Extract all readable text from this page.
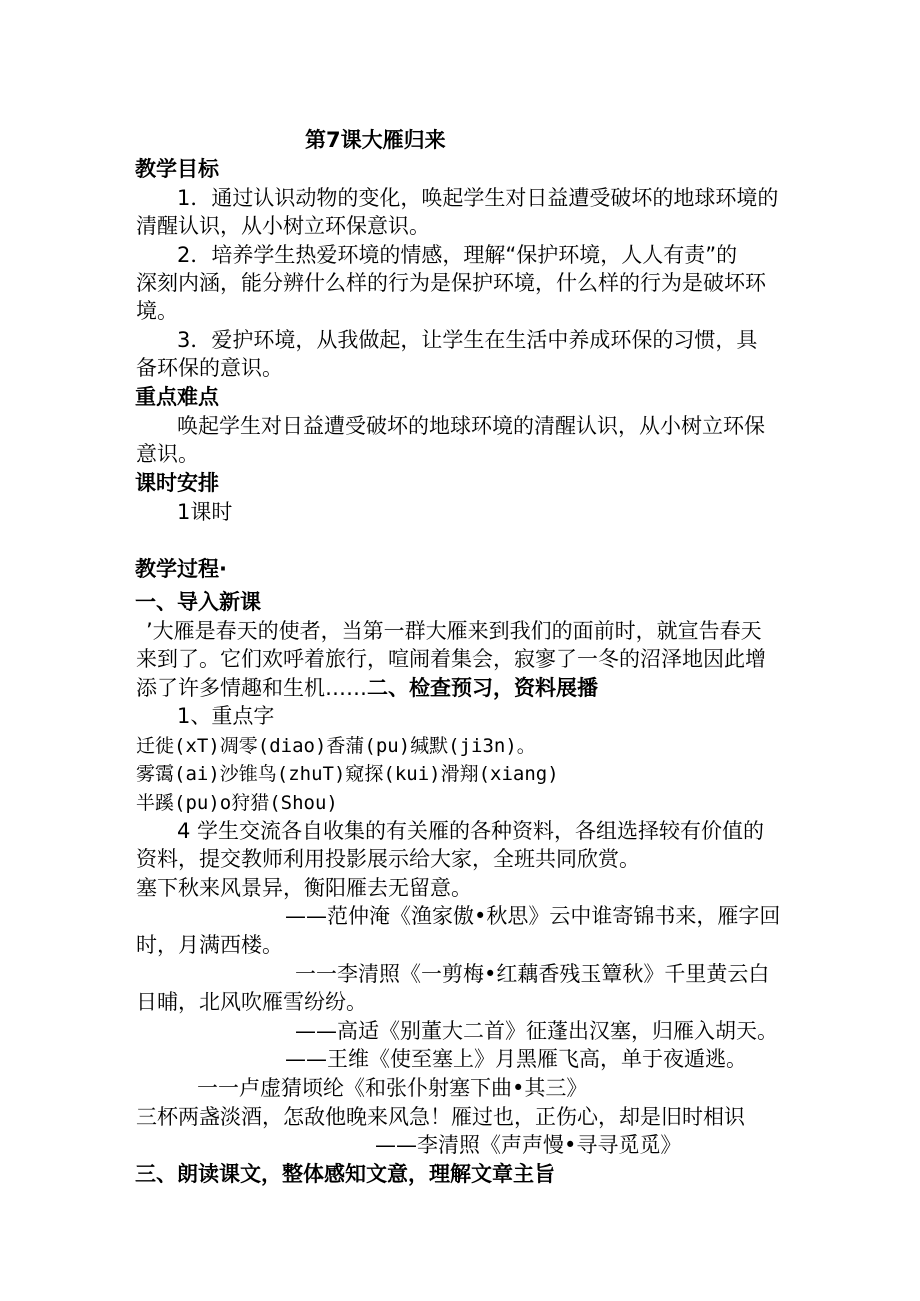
第7课大雁归来
教学目标
1．通过认识动物的变化，唤起学生对日益遭受破坏的地球环境的
清醒认识，从小树立环保意识。
2．培养学生热爱环境的情感，理解“保护环境，人人有责”的
深刻内涵，能分辨什么样的行为是保护环境，什么样的行为是破坏环
境。
3．爱护环境，从我做起，让学生在生活中养成环保的习惯，具
备环保的意识。
重点难点
唤起学生对日益遭受破坏的地球环境的清醒认识，从小树立环保
意识。
课时安排
1课时
教学过程·
一、导入新课
’大雁是春天的使者，当第一群大雁来到我们的面前时，就宣告春天
来到了。它们欢呼着旅行，喧闹着集会，寂寥了一冬的沼泽地因此增
添了许多情趣和生机……二、检查预习，资料展播
1、重点字
迁徙(xT)凋零(diao)香蒲(pu)缄默(ji3n)。
雾霭(ai)沙锥鸟(zhuT)窥探(kui)滑翔(xiang)
半蹊(pu)o狩猎(Shou)
4 学生交流各自收集的有关雁的各种资料，各组选择较有价值的
资料，提交教师利用投影展示给大家，全班共同欣赏。
塞下秋来风景异，衡阳雁去无留意。
——范仲淹《渔家傲•秋思》云中谁寄锦书来，雁字回
时，月满西楼。
一一李清照《一剪梅•红藕香残玉簟秋》千里黄云白
日晡，北风吹雁雪纷纷。
——高适《别董大二首》征蓬出汉塞，归雁入胡天。
——王维《使至塞上》月黑雁飞高，单于夜遁逃。
一一卢虚猜顷纶《和张仆射塞下曲•其三》
三杯两盏淡酒，怎敌他晚来风急！雁过也，正伤心，却是旧时相识
——李清照《声声慢•寻寻觅觅》
三、朗读课文，整体感知文意，理解文章主旨
